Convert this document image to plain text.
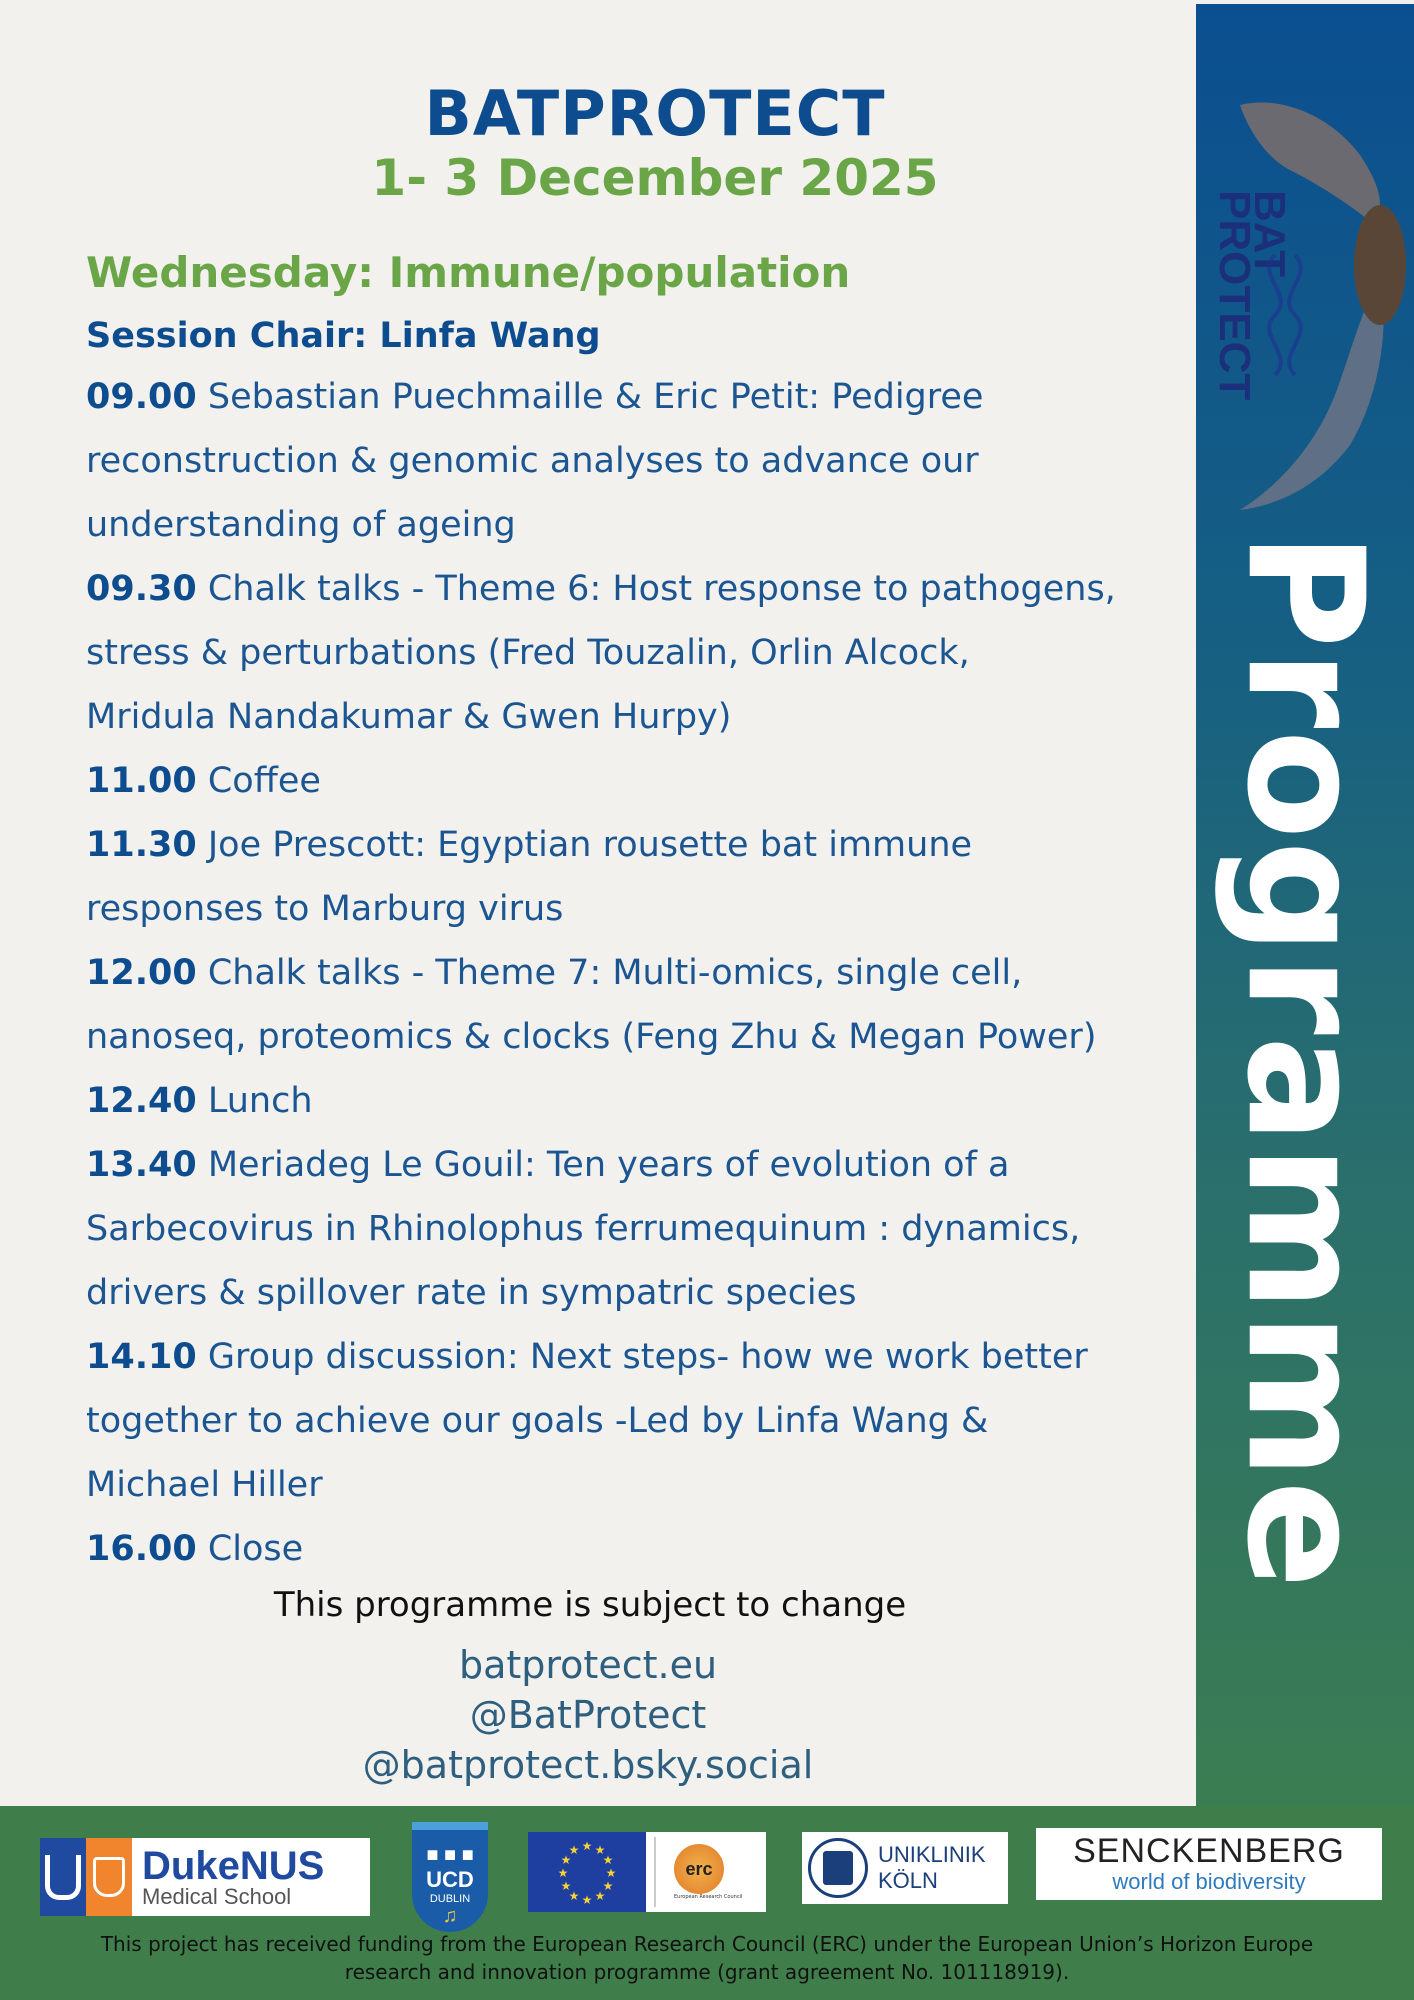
BAT
PROTECT
Programme
BATPROTECT
1- 3 December 2025
Wednesday: Immune/population
Session Chair: Linfa Wang
09.00 Sebastian Puechmaille & Eric Petit: Pedigree
reconstruction & genomic analyses to advance our
understanding of ageing
09.30 Chalk talks - Theme 6: Host response to pathogens,
stress & perturbations (Fred Touzalin, Orlin Alcock,
Mridula Nandakumar & Gwen Hurpy)
11.00 Coffee
11.30 Joe Prescott: Egyptian rousette bat immune
responses to Marburg virus
12.00 Chalk talks - Theme 7: Multi-omics, single cell,
nanoseq, proteomics & clocks (Feng Zhu & Megan Power)
12.40 Lunch
13.40 Meriadeg Le Gouil: Ten years of evolution of a
Sarbecovirus in Rhinolophus ferrumequinum : dynamics,
drivers & spillover rate in sympatric species
14.10 Group discussion: Next steps- how we work better
together to achieve our goals -Led by Linfa Wang &
Michael Hiller
16.00 Close
This programme is subject to change
batprotect.eu
@BatProtect
@batprotect.bsky.social
DukeNUS
Medical School
■ ■ ■
UCD
DUBLIN
♫
★ ★
★
★
★
★
★
★
★
★
★
★
erc
European Research Council
UNIKLINIK
KÖLN
SENCKENBERG
world of biodiversity
This project has received funding from the European Research Council (ERC) under the European Union’s Horizon Europe
research and innovation programme (grant agreement No. 101118919).
